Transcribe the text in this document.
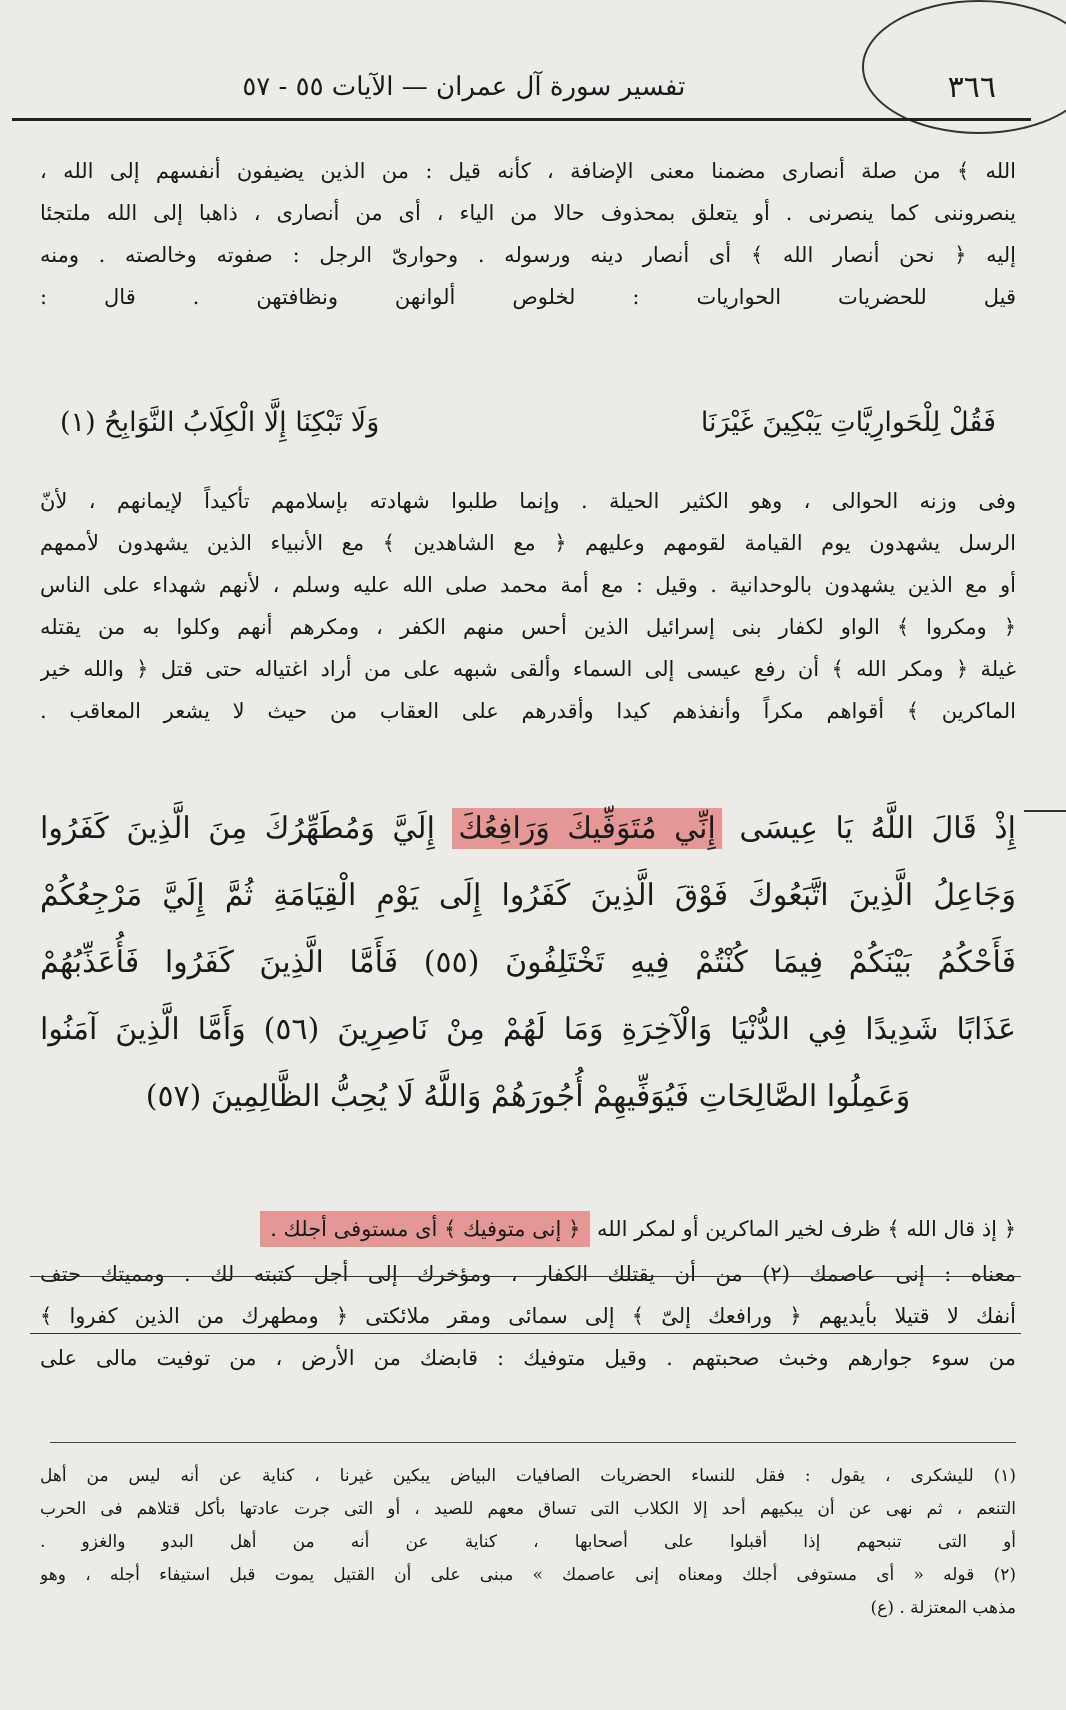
٣٦٦
تفسير سورة آل عمران — الآيات ٥٥ - ٥٧
الله ﴾ من صلة أنصارى مضمنا معنى الإضافة ، كأنه قيل : من الذين يضيفون أنفسهم إلى الله ،
ينصروننى كما ينصرنى . أو يتعلق بمحذوف حالا من الياء ، أى من أنصارى ، ذاهبا إلى الله ملتجئا
إليه ﴿ نحن أنصار الله ﴾ أى أنصار دينه ورسوله . وحوارىّ الرجل : صفوته وخالصته . ومنه
قيل للحضريات الحواريات : لخلوص ألوانهن ونظافتهن . قال :
فَقُلْ لِلْحَوارِيَّاتِ يَبْكِينَ غَيْرَنَا
وَلَا تَبْكِنَا إِلَّا الْكِلَابُ النَّوَابِحُ (١)
وفى وزنه الحوالى ، وهو الكثير الحيلة . وإنما طلبوا شهادته بإسلامهم تأكيداً لإيمانهم ، لأنّ
الرسل يشهدون يوم القيامة لقومهم وعليهم ﴿ مع الشاهدين ﴾ مع الأنبياء الذين يشهدون لأممهم
أو مع الذين يشهدون بالوحدانية . وقيل : مع أمة محمد صلى الله عليه وسلم ، لأنهم شهداء على الناس
﴿ ومكروا ﴾ الواو لكفار بنى إسرائيل الذين أحس منهم الكفر ، ومكرهم أنهم وكلوا به من يقتله
غيلة ﴿ ومكر الله ﴾ أن رفع عيسى إلى السماء وألقى شبهه على من أراد اغتياله حتى قتل ﴿ والله خير
الماكرين ﴾ أقواهم مكراً وأنفذهم كيدا وأقدرهم على العقاب من حيث لا يشعر المعاقب .
إِذْ قَالَ اللَّهُ يَا عِيسَى إِنِّي مُتَوَفِّيكَ وَرَافِعُكَ إِلَيَّ وَمُطَهِّرُكَ مِنَ الَّذِينَ كَفَرُوا
وَجَاعِلُ الَّذِينَ اتَّبَعُوكَ فَوْقَ الَّذِينَ كَفَرُوا إِلَى يَوْمِ الْقِيَامَةِ ثُمَّ إِلَيَّ مَرْجِعُكُمْ
فَأَحْكُمُ بَيْنَكُمْ فِيمَا كُنْتُمْ فِيهِ تَخْتَلِفُونَ (٥٥) فَأَمَّا الَّذِينَ كَفَرُوا فَأُعَذِّبُهُمْ
عَذَابًا شَدِيدًا فِي الدُّنْيَا وَالْآخِرَةِ وَمَا لَهُمْ مِنْ نَاصِرِينَ (٥٦) وَأَمَّا الَّذِينَ آمَنُوا
وَعَمِلُوا الصَّالِحَاتِ فَيُوَفِّيهِمْ أُجُورَهُمْ وَاللَّهُ لَا يُحِبُّ الظَّالِمِينَ (٥٧)
﴿ إذ قال الله ﴾ ظرف لخير الماكرين أو لمكر الله ﴿ إنى متوفيك ﴾ أى مستوفى أجلك .
معناه : إنى عاصمك (٢) من أن يقتلك الكفار ، ومؤخرك إلى أجل كتبته لك . ومميتك حتف
أنفك لا قتيلا بأيديهم ﴿ ورافعك إلىّ ﴾ إلى سمائى ومقر ملائكتى ﴿ ومطهرك من الذين كفروا ﴾
من سوء جوارهم وخبث صحبتهم . وقيل متوفيك : قابضك من الأرض ، من توفيت مالى على
(١) لليشكرى ، يقول : فقل للنساء الحضريات الصافيات البياض يبكين غيرنا ، كناية عن أنه ليس من أهل
التنعم ، ثم نهى عن أن يبكيهم أحد إلا الكلاب التى تساق معهم للصيد ، أو التى جرت عادتها بأكل قتلاهم فى الحرب
أو التى تنبحهم إذا أقبلوا على أصحابها ، كناية عن أنه من أهل البدو والغزو .
(٢) قوله « أى مستوفى أجلك ومعناه إنى عاصمك » مبنى على أن القتيل يموت قبل استيفاء أجله ، وهو
مذهب المعتزلة . (ع)
